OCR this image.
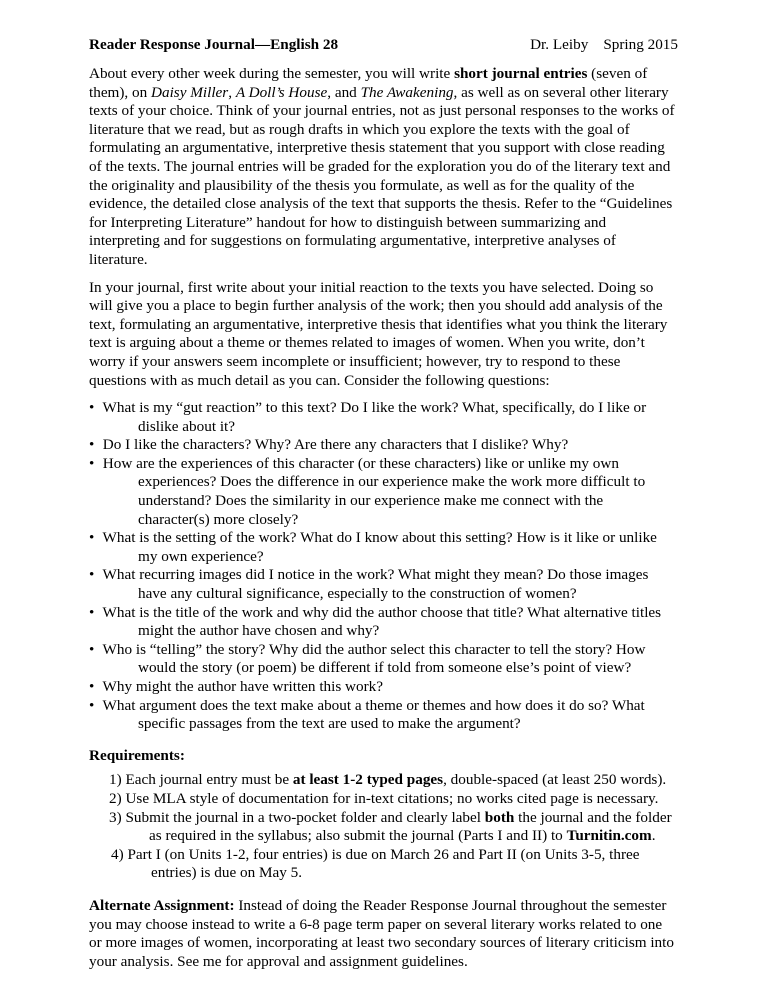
Reader Response Journal—English 28	Dr. Leiby Spring 2015

About every other week during the semester, you will write short journal entries (seven of them), on Daisy Miller, A Doll’s House, and The Awakening, as well as on several other literary texts of your choice. Think of your journal entries, not as just personal responses to the works of literature that we read, but as rough drafts in which you explore the texts with the goal of formulating an argumentative, interpretive thesis statement that you support with close reading of the texts. The journal entries will be graded for the exploration you do of the literary text and the originality and plausibility of the thesis you formulate, as well as for the quality of the evidence, the detailed close analysis of the text that supports the thesis. Refer to the “Guidelines for Interpreting Literature” handout for how to distinguish between summarizing and interpreting and for suggestions on formulating argumentative, interpretive analyses of literature.

In your journal, first write about your initial reaction to the texts you have selected. Doing so will give you a place to begin further analysis of the work; then you should add analysis of the text, formulating an argumentative, interpretive thesis that identifies what you think the literary text is arguing about a theme or themes related to images of women. When you write, don’t worry if your answers seem incomplete or insufficient; however, try to respond to these questions with as much detail as you can. Consider the following questions:

• What is my “gut reaction” to this text? Do I like the work? What, specifically, do I like or dislike about it?
• Do I like the characters? Why? Are there any characters that I dislike? Why?
• How are the experiences of this character (or these characters) like or unlike my own experiences? Does the difference in our experience make the work more difficult to understand? Does the similarity in our experience make me connect with the character(s) more closely?
• What is the setting of the work? What do I know about this setting? How is it like or unlike my own experience?
• What recurring images did I notice in the work? What might they mean? Do those images have any cultural significance, especially to the construction of women?
• What is the title of the work and why did the author choose that title? What alternative titles might the author have chosen and why?
• Who is “telling” the story? Why did the author select this character to tell the story? How would the story (or poem) be different if told from someone else’s point of view?
• Why might the author have written this work?
• What argument does the text make about a theme or themes and how does it do so? What specific passages from the text are used to make the argument?
Requirements:
1) Each journal entry must be at least 1-2 typed pages, double-spaced (at least 250 words).
2) Use MLA style of documentation for in-text citations; no works cited page is necessary.
3) Submit the journal in a two-pocket folder and clearly label both the journal and the folder as required in the syllabus; also submit the journal (Parts I and II) to Turnitin.com.
4) Part I (on Units 1-2, four entries) is due on March 26 and Part II (on Units 3-5, three entries) is due on May 5.

Alternate Assignment: Instead of doing the Reader Response Journal throughout the semester you may choose instead to write a 6-8 page term paper on several literary works related to one or more images of women, incorporating at least two secondary sources of literary criticism into your analysis. See me for approval and assignment guidelines.
